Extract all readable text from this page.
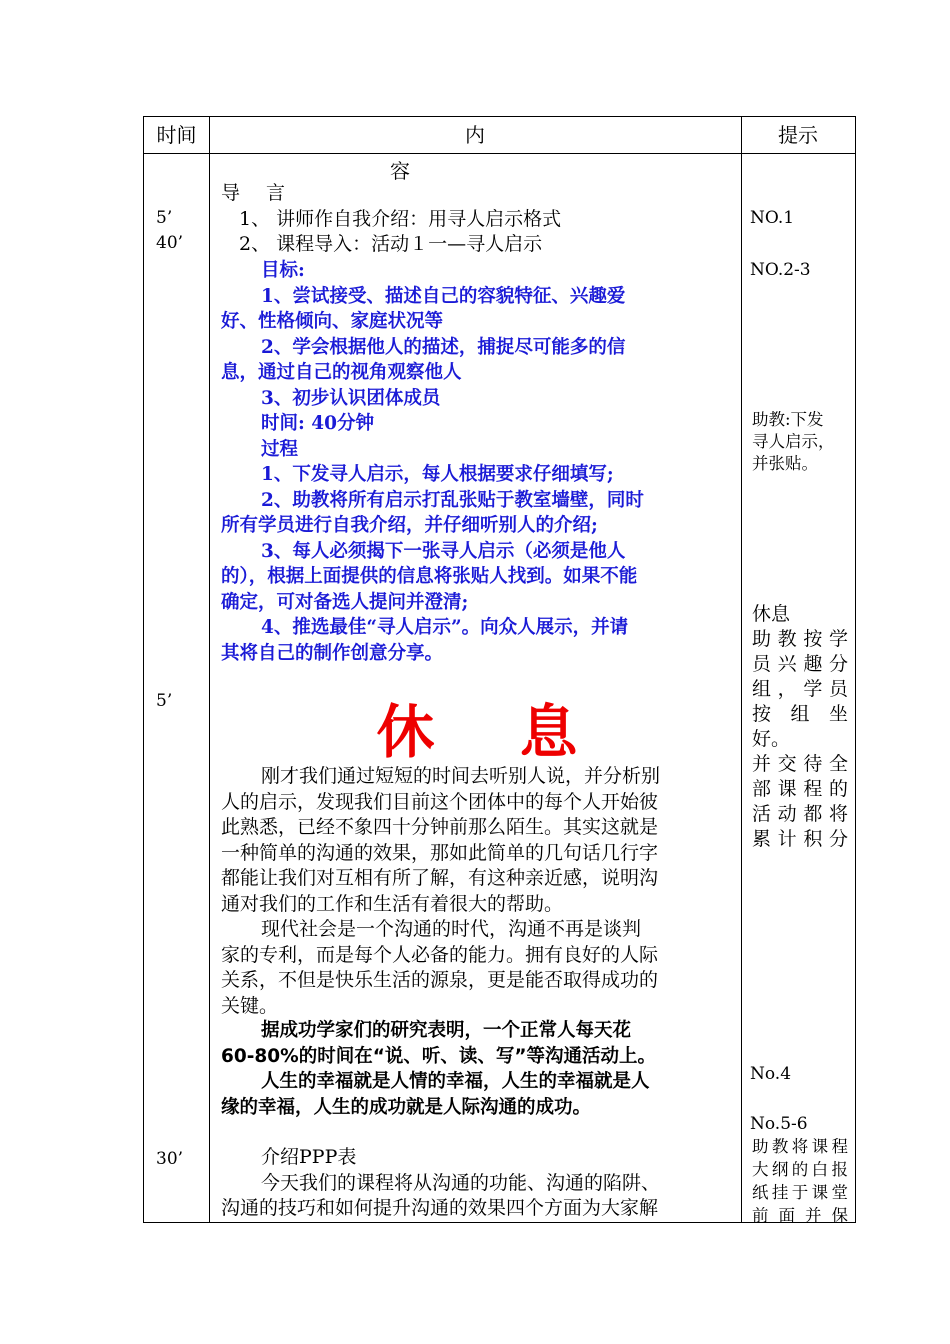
时间	内 容
提示
5’
40’
5’
30’
导 言
1、 讲师作自我介绍：用寻人启示格式
2、 课程导入：活动１一—寻人启示
目标:
1、尝试接受、描述自己的容貌特征、兴趣爱
好、性格倾向、家庭状况等
2、学会根据他人的描述，捕捉尽可能多的信
息，通过自己的视角观察他人
3、初步认识团体成员
时间: 40分钟
过程
1、下发寻人启示，每人根据要求仔细填写;
2、助教将所有启示打乱张贴于教室墙壁，同时
所有学员进行自我介绍，并仔细听别人的介绍;
3、每人必须揭下一张寻人启示（必须是他人
的），根据上面提供的信息将张贴人找到。如果不能
确定，可对备选人提问并澄清;
4、推选最佳“寻人启示”。向众人展示，并请
其将自己的制作创意分享。
休息
刚才我们通过短短的时间去听别人说，并分析别
人的启示，发现我们目前这个团体中的每个人开始彼
此熟悉，已经不象四十分钟前那么陌生。其实这就是
一种简单的沟通的效果，那如此简单的几句话几行字
都能让我们对互相有所了解，有这种亲近感，说明沟
通对我们的工作和生活有着很大的帮助。
现代社会是一个沟通的时代，沟通不再是谈判
家的专利，而是每个人必备的能力。拥有良好的人际
关系，不但是快乐生活的源泉，更是能否取得成功的
关键。
据成功学家们的研究表明，一个正常人每天花
60-80%的时间在“说、听、读、写”等沟通活动上。
人生的幸福就是人情的幸福，人生的幸福就是人
缘的幸福，人生的成功就是人际沟通的成功。
介绍PPP表
今天我们的课程将从沟通的功能、沟通的陷阱、
沟通的技巧和如何提升沟通的效果四个方面为大家解
NO.1
NO.2-3
助教:下发
寻人启示，
并张贴。
休息
助教按学
员兴趣分
组，学员
按 组 坐
好。
并交待全
部课程的
活动都将
累计积分
No.4
No.5-6
助教将课程
大纲的白报
纸挂于课堂
前 面 并 保
